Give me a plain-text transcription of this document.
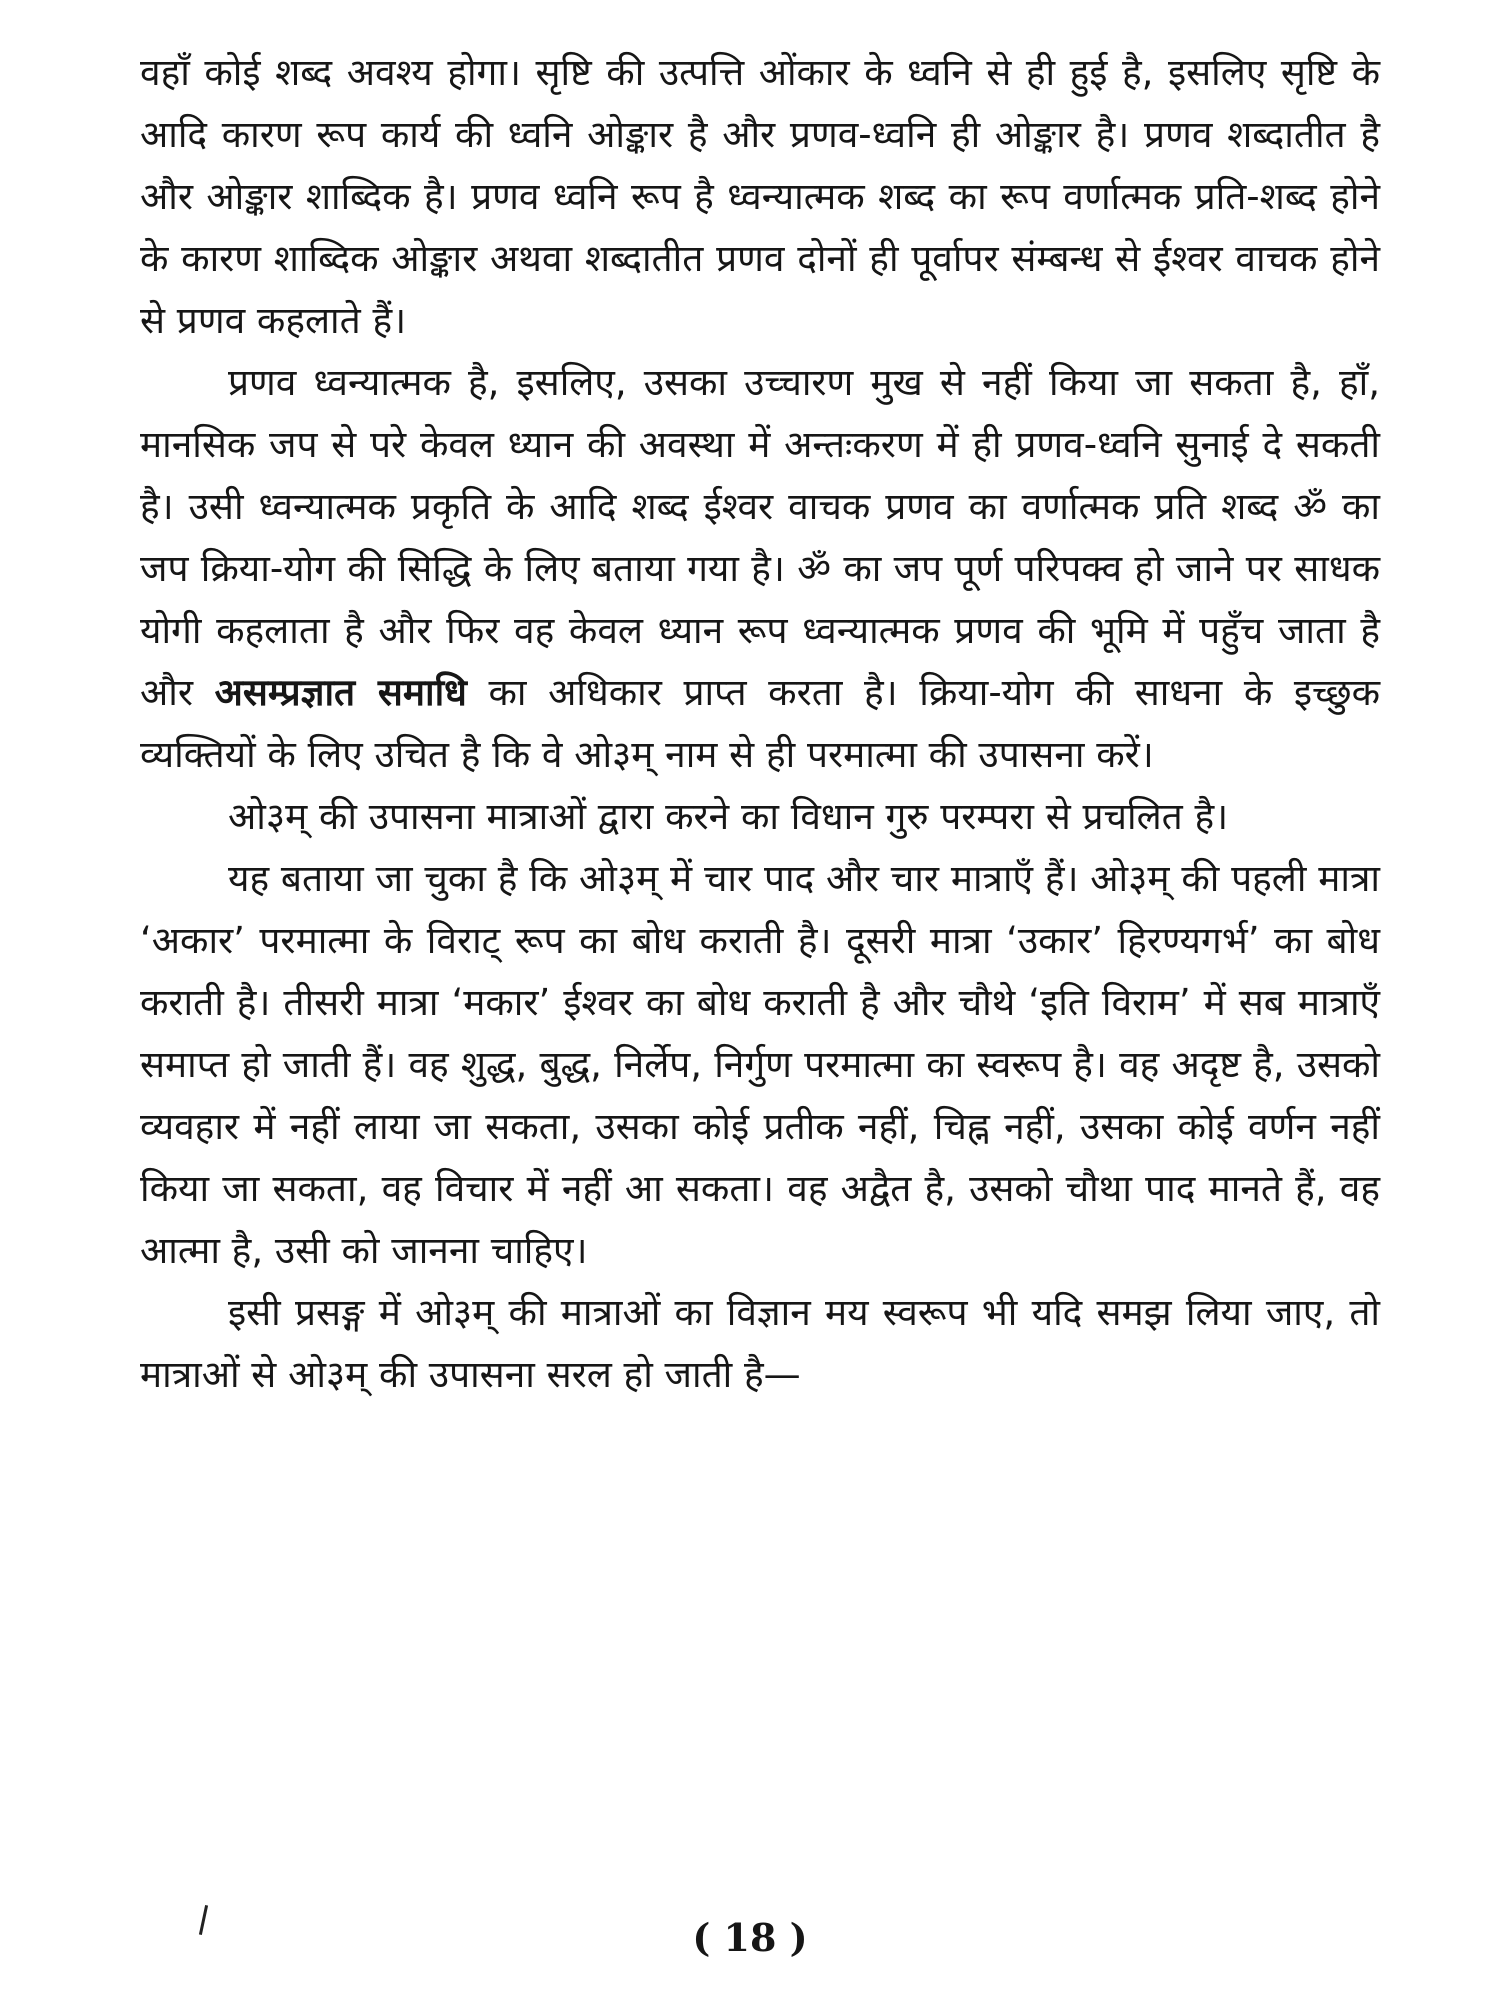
वहाँ कोई शब्द अवश्य होगा। सृष्टि की उत्पत्ति ओंकार के ध्वनि से ही हुई है, इसलिए सृष्टि के आदि कारण रूप कार्य की ध्वनि ओङ्कार है और प्रणव-ध्वनि ही ओङ्कार है। प्रणव शब्दातीत है और ओङ्कार शाब्दिक है। प्रणव ध्वनि रूप है ध्वन्यात्मक शब्द का रूप वर्णात्मक प्रति-शब्द होने के कारण शाब्दिक ओङ्कार अथवा शब्दातीत प्रणव दोनों ही पूर्वापर संम्बन्ध से ईश्वर वाचक होने से प्रणव कहलाते हैं।

प्रणव ध्वन्यात्मक है, इसलिए, उसका उच्चारण मुख से नहीं किया जा सकता है, हाँ, मानसिक जप से परे केवल ध्यान की अवस्था में अन्तःकरण में ही प्रणव-ध्वनि सुनाई दे सकती है। उसी ध्वन्यात्मक प्रकृति के आदि शब्द ईश्वर वाचक प्रणव का वर्णात्मक प्रति शब्द ॐ का जप क्रिया-योग की सिद्धि के लिए बताया गया है। ॐ का जप पूर्ण परिपक्व हो जाने पर साधक योगी कहलाता है और फिर वह केवल ध्यान रूप ध्वन्यात्मक प्रणव की भूमि में पहुँच जाता है और असम्प्रज्ञात समाधि का अधिकार प्राप्त करता है। क्रिया-योग की साधना के इच्छुक व्यक्तियों के लिए उचित है कि वे ओ३म् नाम से ही परमात्मा की उपासना करें।

ओ३म् की उपासना मात्राओं द्वारा करने का विधान गुरु परम्परा से प्रचलित है।

यह बताया जा चुका है कि ओ३म् में चार पाद और चार मात्राएँ हैं। ओ३म् की पहली मात्रा ‘अकार’ परमात्मा के विराट् रूप का बोध कराती है। दूसरी मात्रा ‘उकार’ हिरण्यगर्भ’ का बोध कराती है। तीसरी मात्रा ‘मकार’ ईश्वर का बोध कराती है और चौथे ‘इति विराम’ में सब मात्राएँ समाप्त हो जाती हैं। वह शुद्ध, बुद्ध, निर्लेप, निर्गुण परमात्मा का स्वरूप है। वह अदृष्ट है, उसको व्यवहार में नहीं लाया जा सकता, उसका कोई प्रतीक नहीं, चिह्न नहीं, उसका कोई वर्णन नहीं किया जा सकता, वह विचार में नहीं आ सकता। वह अद्वैत है, उसको चौथा पाद मानते हैं, वह आत्मा है, उसी को जानना चाहिए।

इसी प्रसङ्ग में ओ३म् की मात्राओं का विज्ञान मय स्वरूप भी यदि समझ लिया जाए, तो मात्राओं से ओ३म् की उपासना सरल हो जाती है—

( 18 )
